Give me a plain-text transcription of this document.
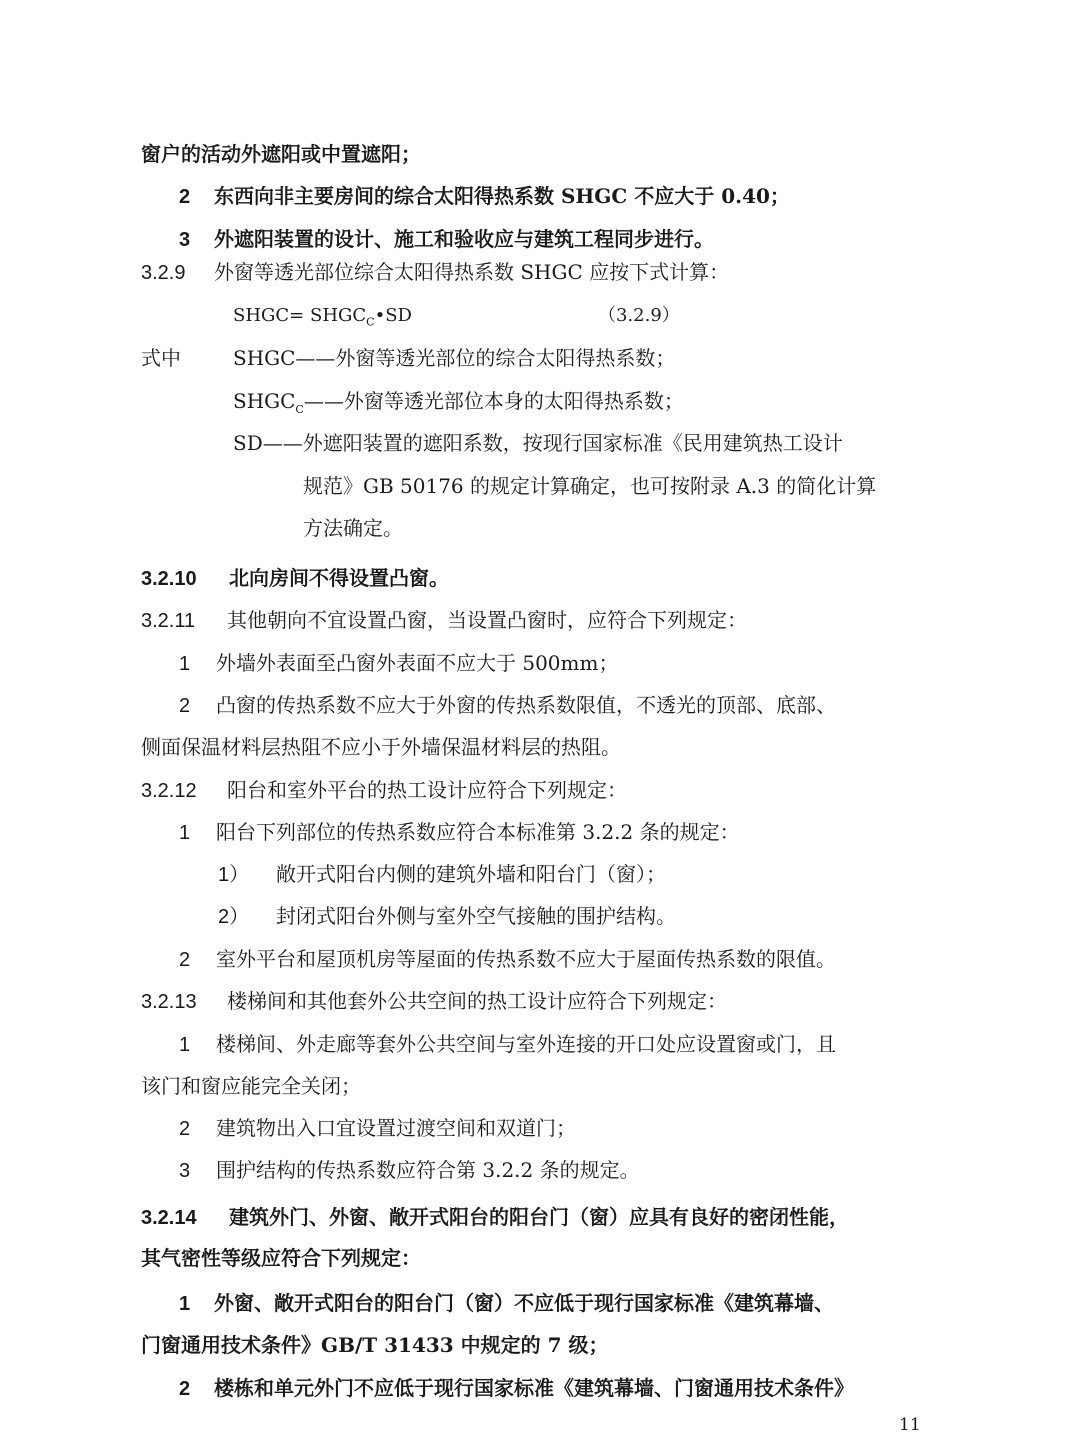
窗户的活动外遮阳或中置遮阳；
2 东西向非主要房间的综合太阳得热系数 SHGC 不应大于 0.40；
3 外遮阳装置的设计、施工和验收应与建筑工程同步进行。
3.2.9 外窗等透光部位综合太阳得热系数 SHGC 应按下式计算：
SHGC= $SHGC_C•SD$	（3.2.9）
式中	SHGC——外窗等透光部位的综合太阳得热系数；
$SHGC_C——$外窗等透光部位本身的太阳得热系数；
SD——外遮阳装置的遮阳系数，按现行国家标准《民用建筑热工设计
规范》GB 50176 的规定计算确定，也可按附录 A.3 的简化计算
方法确定。
3.2.10 北向房间不得设置凸窗。
3.2.11 其他朝向不宜设置凸窗，当设置凸窗时，应符合下列规定：
1 外墙外表面至凸窗外表面不应大于 500mm；
2 凸窗的传热系数不应大于外窗的传热系数限值，不透光的顶部、底部、
侧面保温材料层热阻不应小于外墙保温材料层的热阻。
3.2.12 阳台和室外平台的热工设计应符合下列规定：
1 阳台下列部位的传热系数应符合本标准第 3.2.2 条的规定：
1） 敞开式阳台内侧的建筑外墙和阳台门（窗）；
2） 封闭式阳台外侧与室外空气接触的围护结构。
2 室外平台和屋顶机房等屋面的传热系数不应大于屋面传热系数的限值。
3.2.13 楼梯间和其他套外公共空间的热工设计应符合下列规定：
1 楼梯间、外走廊等套外公共空间与室外连接的开口处应设置窗或门，且
该门和窗应能完全关闭；
2 建筑物出入口宜设置过渡空间和双道门；
3 围护结构的传热系数应符合第 3.2.2 条的规定。
3.2.14 建筑外门、外窗、敞开式阳台的阳台门（窗）应具有良好的密闭性能，
其气密性等级应符合下列规定：
1 外窗、敞开式阳台的阳台门（窗）不应低于现行国家标准《建筑幕墙、
门窗通用技术条件》GB/T 31433 中规定的 7 级；
2 楼栋和单元外门不应低于现行国家标准《建筑幕墙、门窗通用技术条件》
11
